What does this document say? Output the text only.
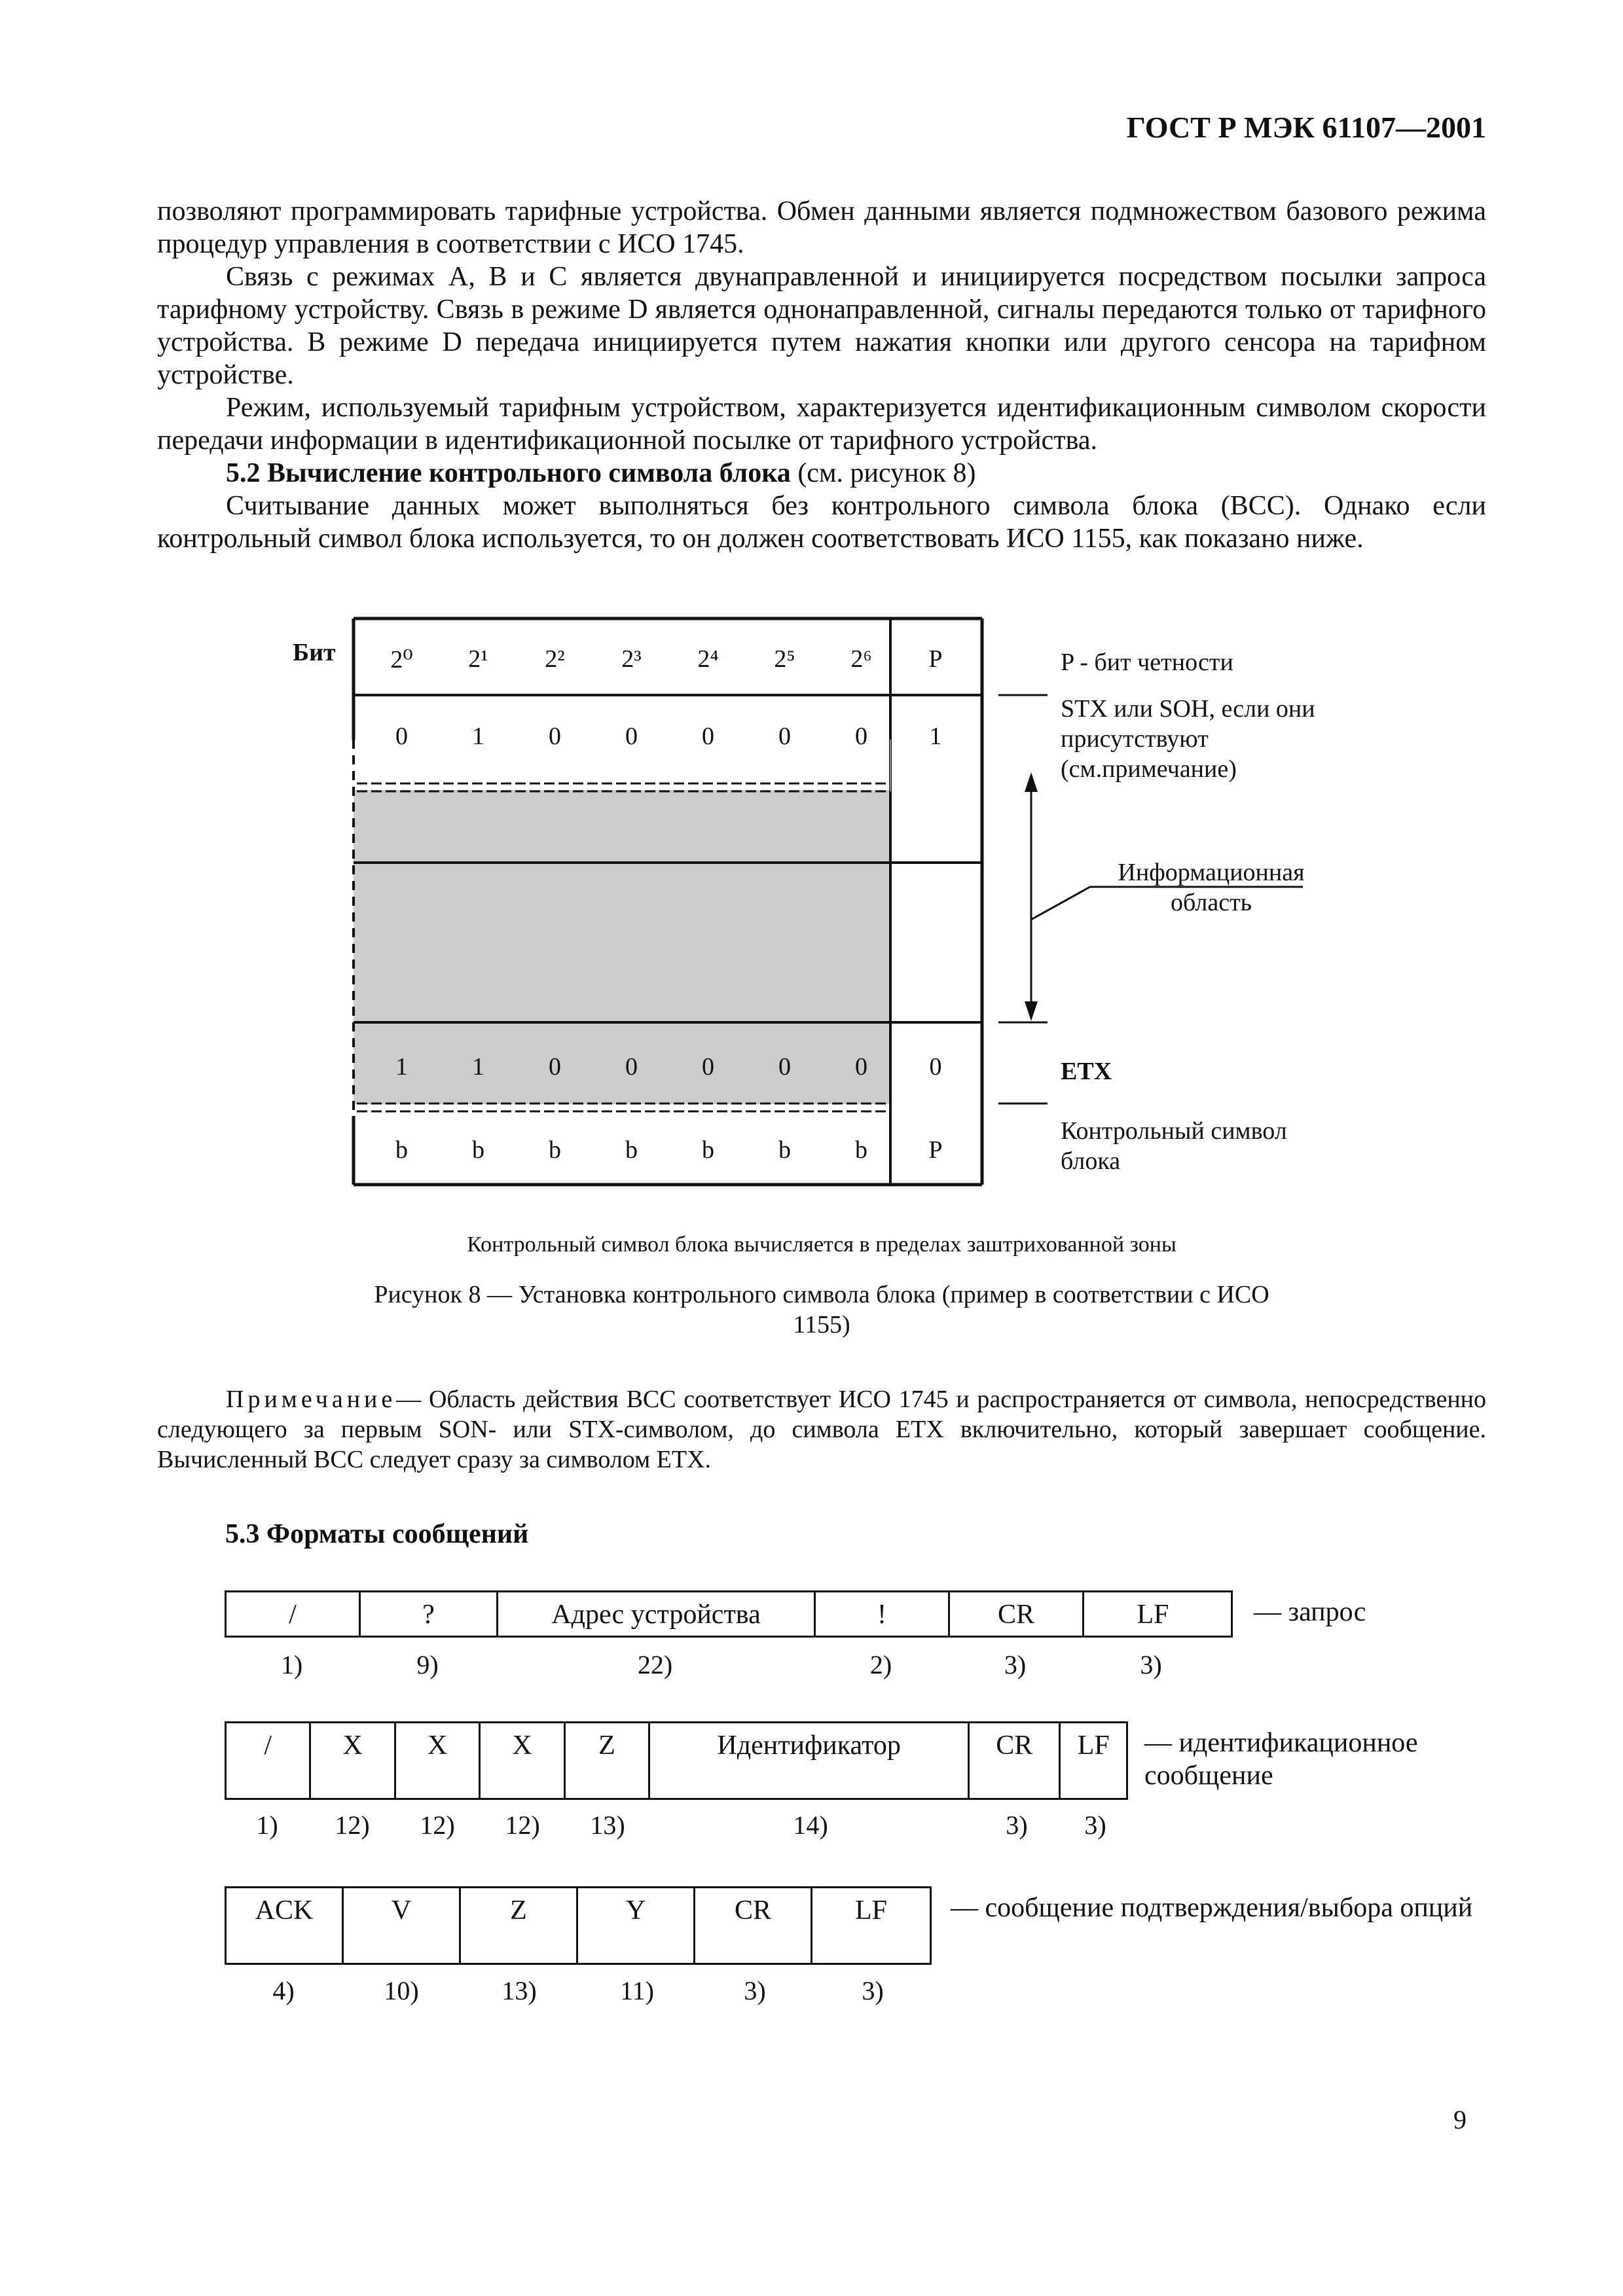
ГОСТ Р МЭК 61107—2001

позволяют программировать тарифные устройства. Обмен данными является подмножеством базового режима процедур управления в соответствии с ИСО 1745.

Связь с режимах А, В и С является двунаправленной и инициируется посредством посылки запроса тарифному устройству. Связь в режиме D является однонаправленной, сигналы передаются только от тарифного устройства. В режиме D передача инициируется путем нажатия кнопки или другого сенсора на тарифном устройстве.

Режим, используемый тарифным устройством, характеризуется идентификационным символом скорости передачи информации в идентификационной посылке от тарифного устройства.

5.2 Вычисление контрольного символа блока (см. рисунок 8)

Считывание данных может выполняться без контрольного символа блока (ВСС). Однако если контрольный символ блока используется, то он должен соответствовать ИСО 1155, как показано ниже.

Бит	2⁰	2¹	2²	2³	2⁴	2⁵	2⁶	P
0	1	0	0	0	0	0	1
1	1	0	0	0	0	0	0
b	b	b	b	b	b	b	P
P - бит четности
STX или SOH, если они присутствуют (см.примечание)
Информационная область
ETX
Контрольный символ блока
Контрольный символ блока вычисляется в пределах заштрихованной зоны
Рисунок 8 — Установка контрольного символа блока (пример в соответствии с ИСО 1155)
Примечание— Область действия ВСС соответствует ИСО 1745 и распространяется от символа, непосредственно следующего за первым SON- или STX-символом, до символа ETX включительно, который завершает сообщение. Вычисленный ВСС следует сразу за символом ETX.
5.3 Форматы сообщений
/	?	Адрес устройства	!	CR	LF
1)	9)	22)	2)	3)	3)
— запрос
/	X	X	X	Z	Идентификатор	CR	LF
1)	12)	12)	12)	13)	14)	3)	3)
— идентификационное сообщение
ACK	V	Z	Y	CR	LF
4)	10)	13)	11)	3)	3)
— сообщение подтверждения/выбора опций
9
